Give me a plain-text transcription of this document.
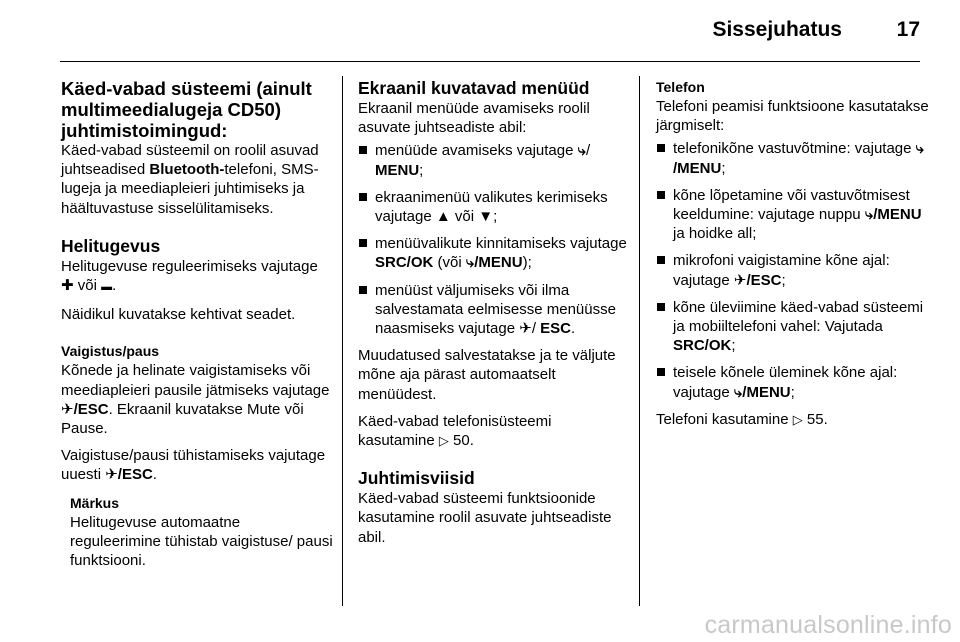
Sissejuhatus	17
Käed-vabad süsteemi (ainult multimeedialugeja CD50) juhtimistoimingud:

Käed-vabad süsteemil on roolil asuvad juhtseadised Bluetooth-telefoni, SMS-lugeja ja meediapleieri juhtimiseks ja häältuvastuse sisselülitamiseks.

Helitugevus

Helitugevuse reguleerimiseks vajutage ✚ või ▬.

Näidikul kuvatakse kehtivat seadet.

Vaigistus/paus

Kõnede ja helinate vaigistamiseks või meediapleieri pausile jätmiseks vajutage ✈/ESC. Ekraanil kuvatakse Mute või Pause.

Vaigistuse/pausi tühistamiseks vajutage uuesti ✈/ESC.

Märkus

Helitugevuse automaatne reguleerimine tühistab vaigistuse/ pausi funktsiooni.

Ekraanil kuvatavad menüüd

Ekraanil menüüde avamiseks roolil asuvate juhtseadiste abil:

menüüde avamiseks vajutage ⤷/ MENU;
ekraanimenüü valikutes kerimiseks vajutage ▲ või ▼;
menüüvalikute kinnitamiseks vajutage SRC/OK (või ⤷/MENU);
menüüst väljumiseks või ilma salvestamata eelmisesse menüüsse naasmiseks vajutage ✈/ ESC.

Muudatused salvestatakse ja te väljute mõne aja pärast automaatselt menüüdest.

Käed-vabad telefonisüsteemi kasutamine ▷ 50.

Juhtimisviisid

Käed-vabad süsteemi funktsioonide kasutamine roolil asuvate juhtseadiste abil.

Telefon

Telefoni peamisi funktsioone kasutatakse järgmiselt:

telefonikõne vastuvõtmine: vajutage ⤷/MENU;
kõne lõpetamine või vastuvõtmisest keeldumine: vajutage nuppu ⤷/MENU ja hoidke all;
mikrofoni vaigistamine kõne ajal: vajutage ✈/ESC;
kõne üleviimine käed-vabad süsteemi ja mobiiltelefoni vahel: Vajutada SRC/OK;
teisele kõnele üleminek kõne ajal: vajutage ⤷/MENU;

Telefoni kasutamine ▷ 55.

carmanualsonline.info
